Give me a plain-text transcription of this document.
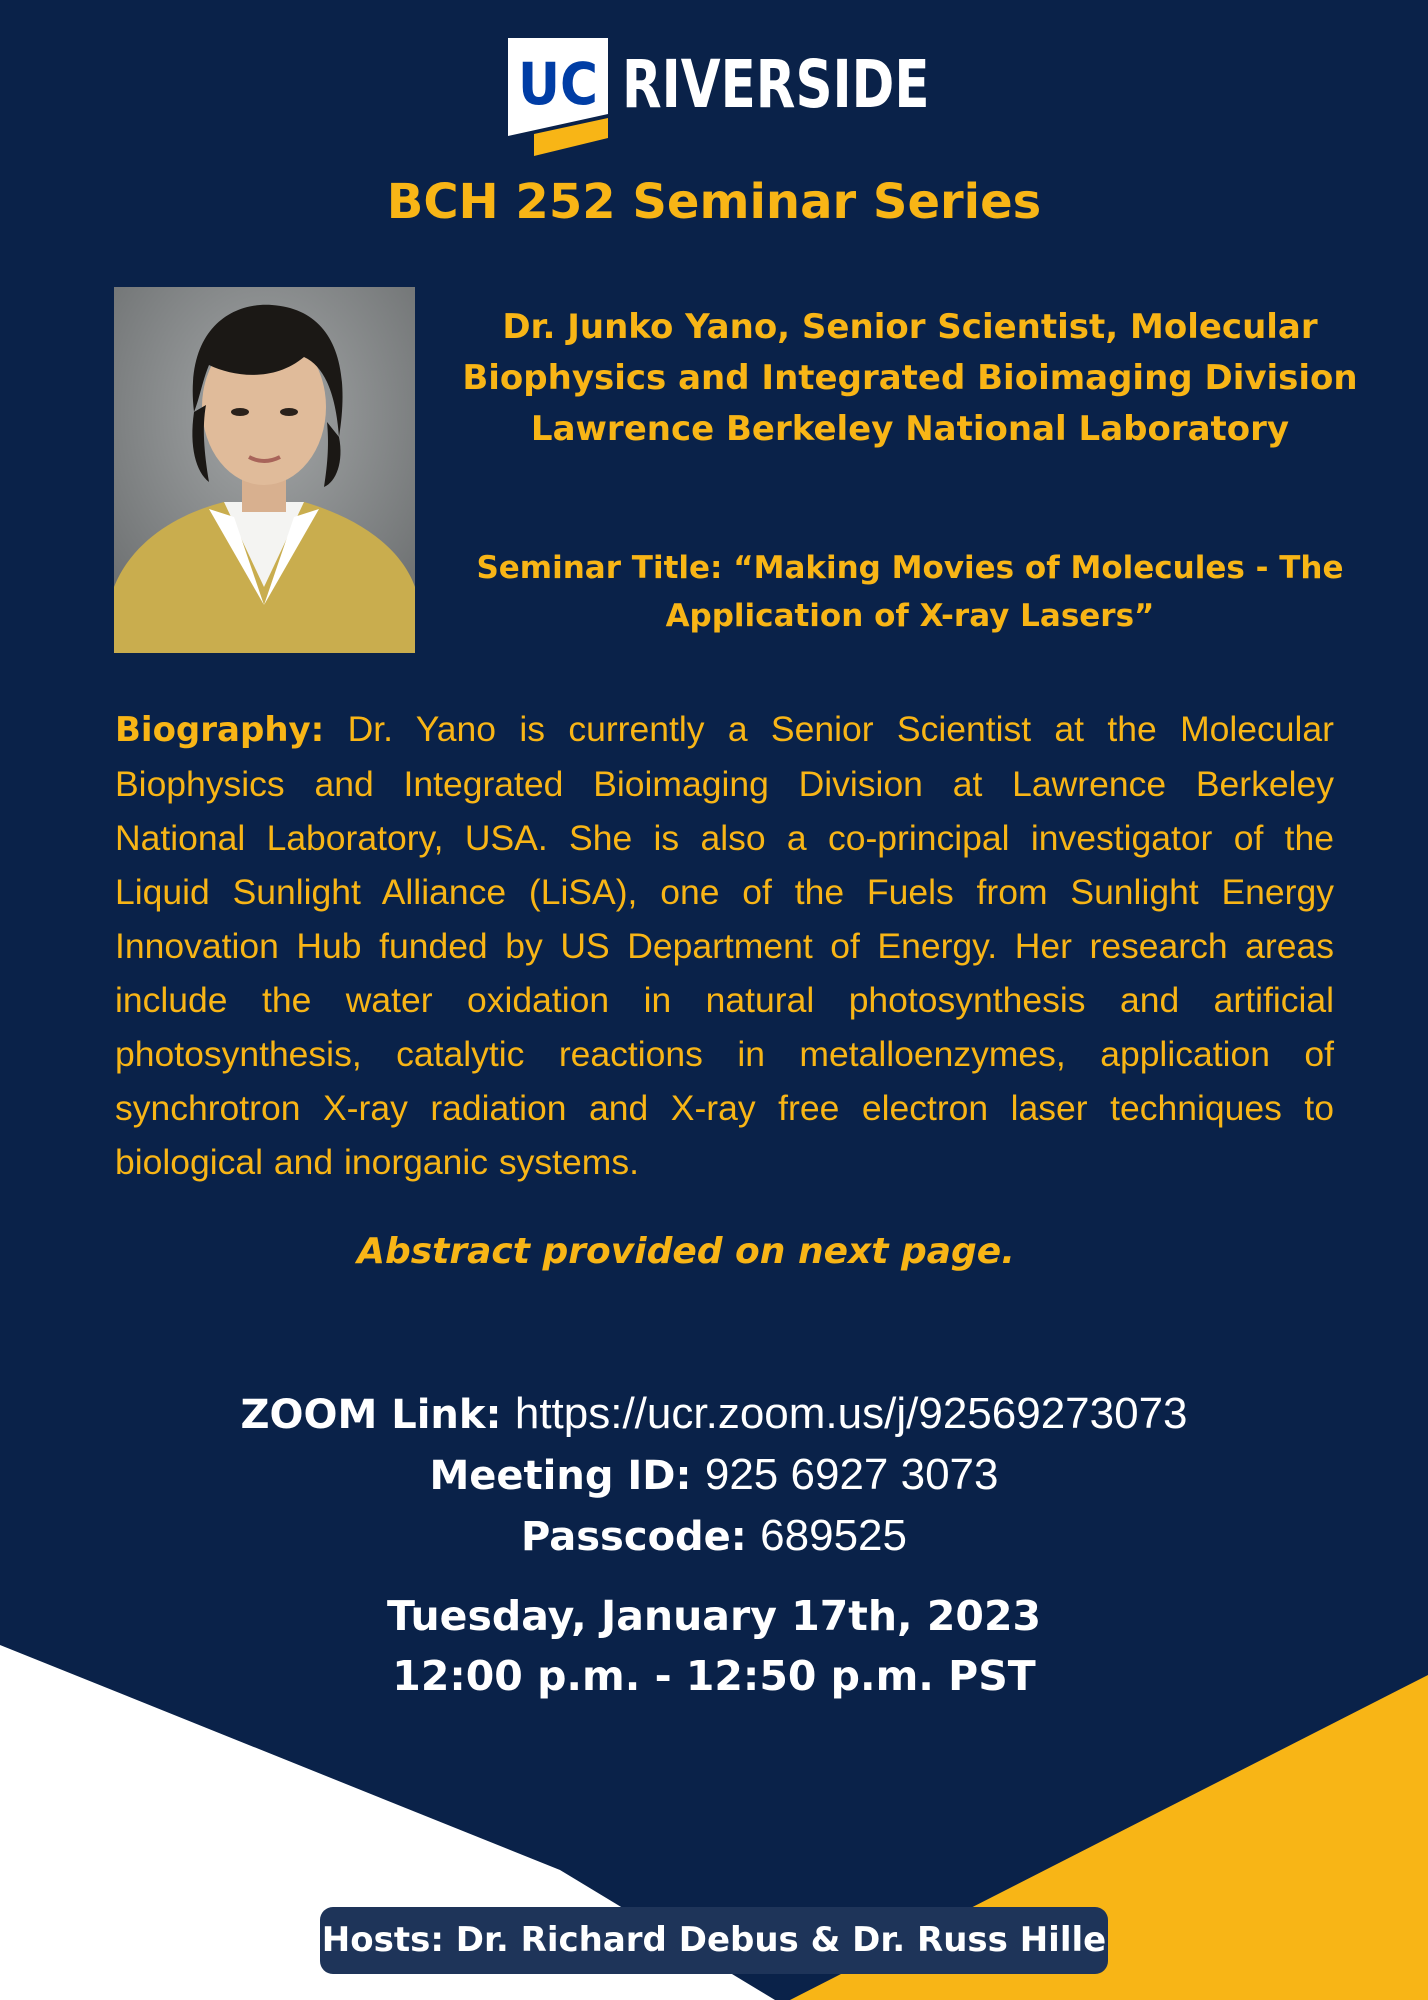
UC RIVERSIDE
BCH 252 Seminar Series
Dr. Junko Yano, Senior Scientist, Molecular
Biophysics and Integrated Bioimaging Division
Lawrence Berkeley National Laboratory
Seminar Title: “Making Movies of Molecules - The
Application of X-ray Lasers”

Biography: Dr. Yano is currently a Senior Scientist at the Molecular Biophysics and Integrated Bioimaging Division at Lawrence Berkeley National Laboratory, USA. She is also a co-principal investigator of the Liquid Sunlight Alliance (LiSA), one of the Fuels from Sunlight Energy Innovation Hub funded by US Department of Energy. Her research areas include the water oxidation in natural photosynthesis and artificial photosynthesis, catalytic reactions in metalloenzymes, application of synchrotron X-ray radiation and X-ray free electron laser techniques to biological and inorganic systems.

Abstract provided on next page.
ZOOM Link: https://ucr.zoom.us/j/92569273073
Meeting ID: 925 6927 3073
Passcode: 689525
Tuesday, January 17th, 2023
12:00 p.m. - 12:50 p.m. PST
Hosts: Dr. Richard Debus & Dr. Russ Hille
